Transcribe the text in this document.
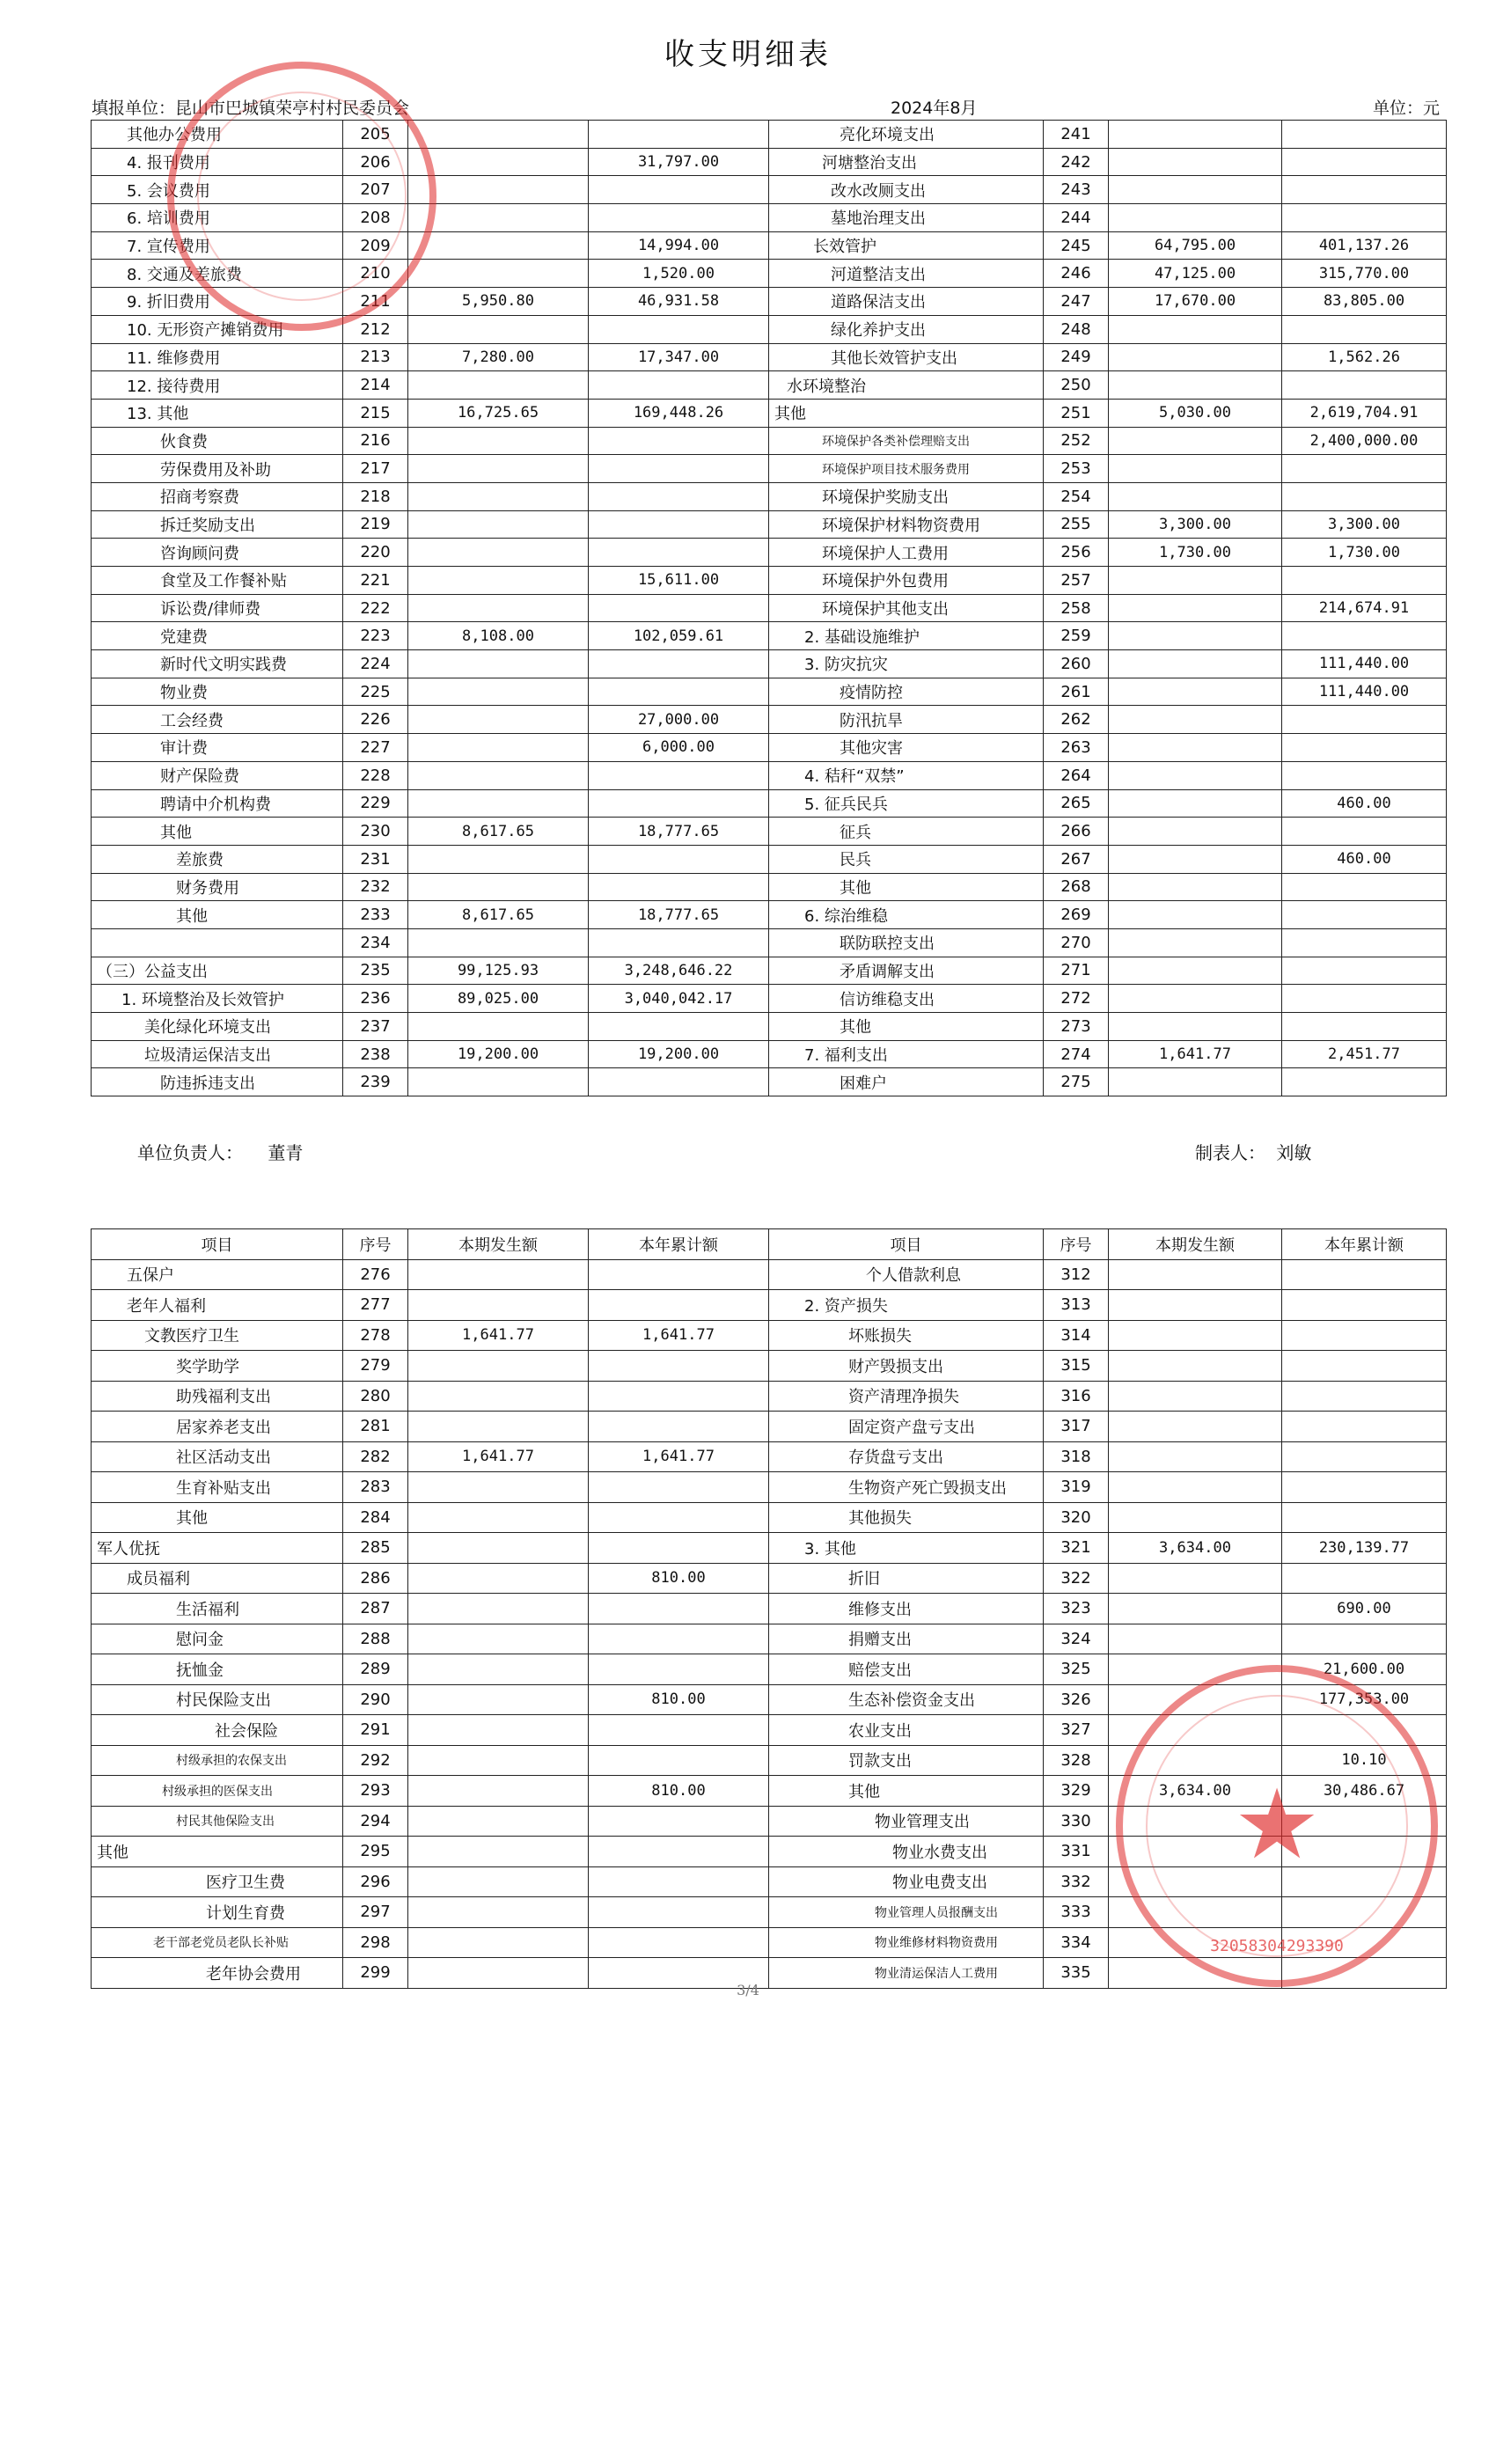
收支明细表
填报单位：昆山市巴城镇荣亭村村民委员会	2024年8月	单位：元
其他办公费用	205			亮化环境支出	241		
4. 报刊费用	206		31,797.00	河塘整治支出	242		
5. 会议费用	207			改水改厕支出	243		
6. 培训费用	208			墓地治理支出	244		
7. 宣传费用	209		14,994.00	长效管护	245	64,795.00	401,137.26
8. 交通及差旅费	210		1,520.00	河道整洁支出	246	47,125.00	315,770.00
9. 折旧费用	211	5,950.80	46,931.58	道路保洁支出	247	17,670.00	83,805.00
10. 无形资产摊销费用	212			绿化养护支出	248		
11. 维修费用	213	7,280.00	17,347.00	其他长效管护支出	249		1,562.26
12. 接待费用	214			水环境整治	250		
13. 其他	215	16,725.65	169,448.26	其他	251	5,030.00	2,619,704.91
伙食费	216			环境保护各类补偿理赔支出	252		2,400,000.00
劳保费用及补助	217			环境保护项目技术服务费用	253		
招商考察费	218			环境保护奖励支出	254		
拆迁奖励支出	219			环境保护材料物资费用	255	3,300.00	3,300.00
咨询顾问费	220			环境保护人工费用	256	1,730.00	1,730.00
食堂及工作餐补贴	221		15,611.00	环境保护外包费用	257		
诉讼费/律师费	222			环境保护其他支出	258		214,674.91
党建费	223	8,108.00	102,059.61	2. 基础设施维护	259		
新时代文明实践费	224			3. 防灾抗灾	260		111,440.00
物业费	225			疫情防控	261		111,440.00
工会经费	226		27,000.00	防汛抗旱	262		
审计费	227		6,000.00	其他灾害	263		
财产保险费	228			4. 秸秆“双禁”	264		
聘请中介机构费	229			5. 征兵民兵	265		460.00
其他	230	8,617.65	18,777.65	征兵	266		
差旅费	231			民兵	267		460.00
财务费用	232			其他	268		
其他	233	8,617.65	18,777.65	6. 综治维稳	269		
	234			联防联控支出	270		
（三）公益支出	235	99,125.93	3,248,646.22	矛盾调解支出	271		
1. 环境整治及长效管护	236	89,025.00	3,040,042.17	信访维稳支出	272		
美化绿化环境支出	237			其他	273		
垃圾清运保洁支出	238	19,200.00	19,200.00	7. 福利支出	274	1,641.77	2,451.77
防违拆违支出	239			困难户	275		
单位负责人： 董青	制表人： 刘敏
项目	序号	本期发生额	本年累计额	项目	序号	本期发生额	本年累计额
五保户	276			个人借款利息	312		
老年人福利	277			2. 资产损失	313		
文教医疗卫生	278	1,641.77	1,641.77	坏账损失	314		
奖学助学	279			财产毁损支出	315		
助残福利支出	280			资产清理净损失	316		
居家养老支出	281			固定资产盘亏支出	317		
社区活动支出	282	1,641.77	1,641.77	存货盘亏支出	318		
生育补贴支出	283			生物资产死亡毁损支出	319		
其他	284			其他损失	320		
军人优抚	285			3. 其他	321	3,634.00	230,139.77
成员福利	286		810.00	折旧	322		
生活福利	287			维修支出	323		690.00
慰问金	288			捐赠支出	324		
抚恤金	289			赔偿支出	325		21,600.00
村民保险支出	290		810.00	生态补偿资金支出	326		177,353.00
社会保险	291			农业支出	327		
村级承担的农保支出	292			罚款支出	328		10.10
村级承担的医保支出	293		810.00	其他	329	3,634.00	30,486.67
村民其他保险支出	294			物业管理支出	330		
其他	295			物业水费支出	331		
医疗卫生费	296			物业电费支出	332		
计划生育费	297			物业管理人员报酬支出	333		
老干部老党员老队长补贴	298			物业维修材料物资费用	334		
老年协会费用	299			物业清运保洁人工费用	335		
3/4
★
32058304293390
